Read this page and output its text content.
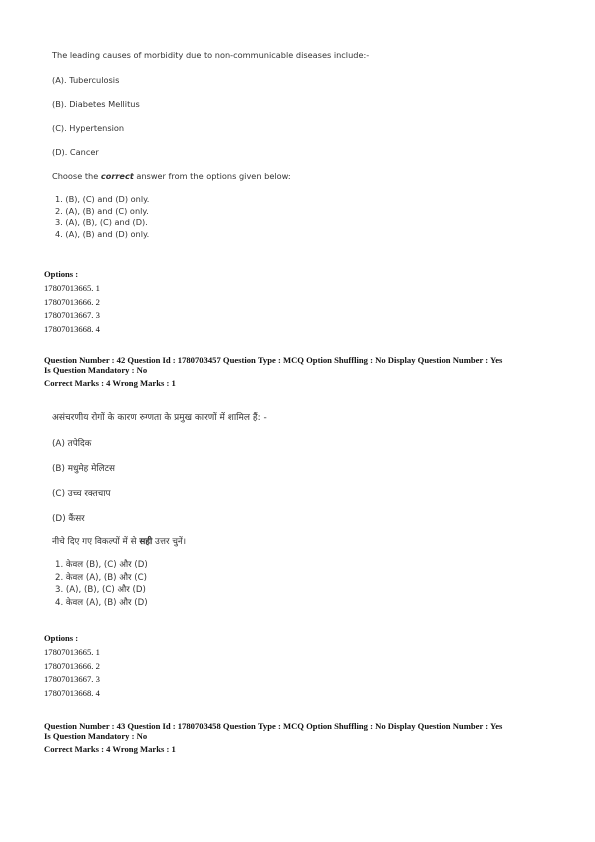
The leading causes of morbidity due to non-communicable diseases include:-
(A). Tuberculosis
(B). Diabetes Mellitus
(C). Hypertension
(D). Cancer
Choose the correct answer from the options given below:
1. (B), (C) and (D) only.
2. (A), (B) and (C) only.
3. (A), (B), (C) and (D).
4. (A), (B) and (D) only.
Options :
17807013665. 1
17807013666. 2
17807013667. 3
17807013668. 4
Question Number : 42 Question Id : 1780703457 Question Type : MCQ Option Shuffling : No Display Question Number : Yes
Is Question Mandatory : No
Correct Marks : 4 Wrong Marks : 1
असंचरणीय रोगों के कारण रुग्णता के प्रमुख कारणों में शामिल हैं: -
(A) तपेदिक
(B) मधुमेह मेलिटस
(C) उच्च रक्तचाप
(D) कैंसर
नीचे दिए गए विकल्पों में से सही उत्तर चुनें।
1. केवल (B), (C) और (D)
2. केवल (A), (B) और (C)
3. (A), (B), (C) और (D)
4. केवल (A), (B) और (D)
Options :
17807013665. 1
17807013666. 2
17807013667. 3
17807013668. 4
Question Number : 43 Question Id : 1780703458 Question Type : MCQ Option Shuffling : No Display Question Number : Yes
Is Question Mandatory : No
Correct Marks : 4 Wrong Marks : 1
